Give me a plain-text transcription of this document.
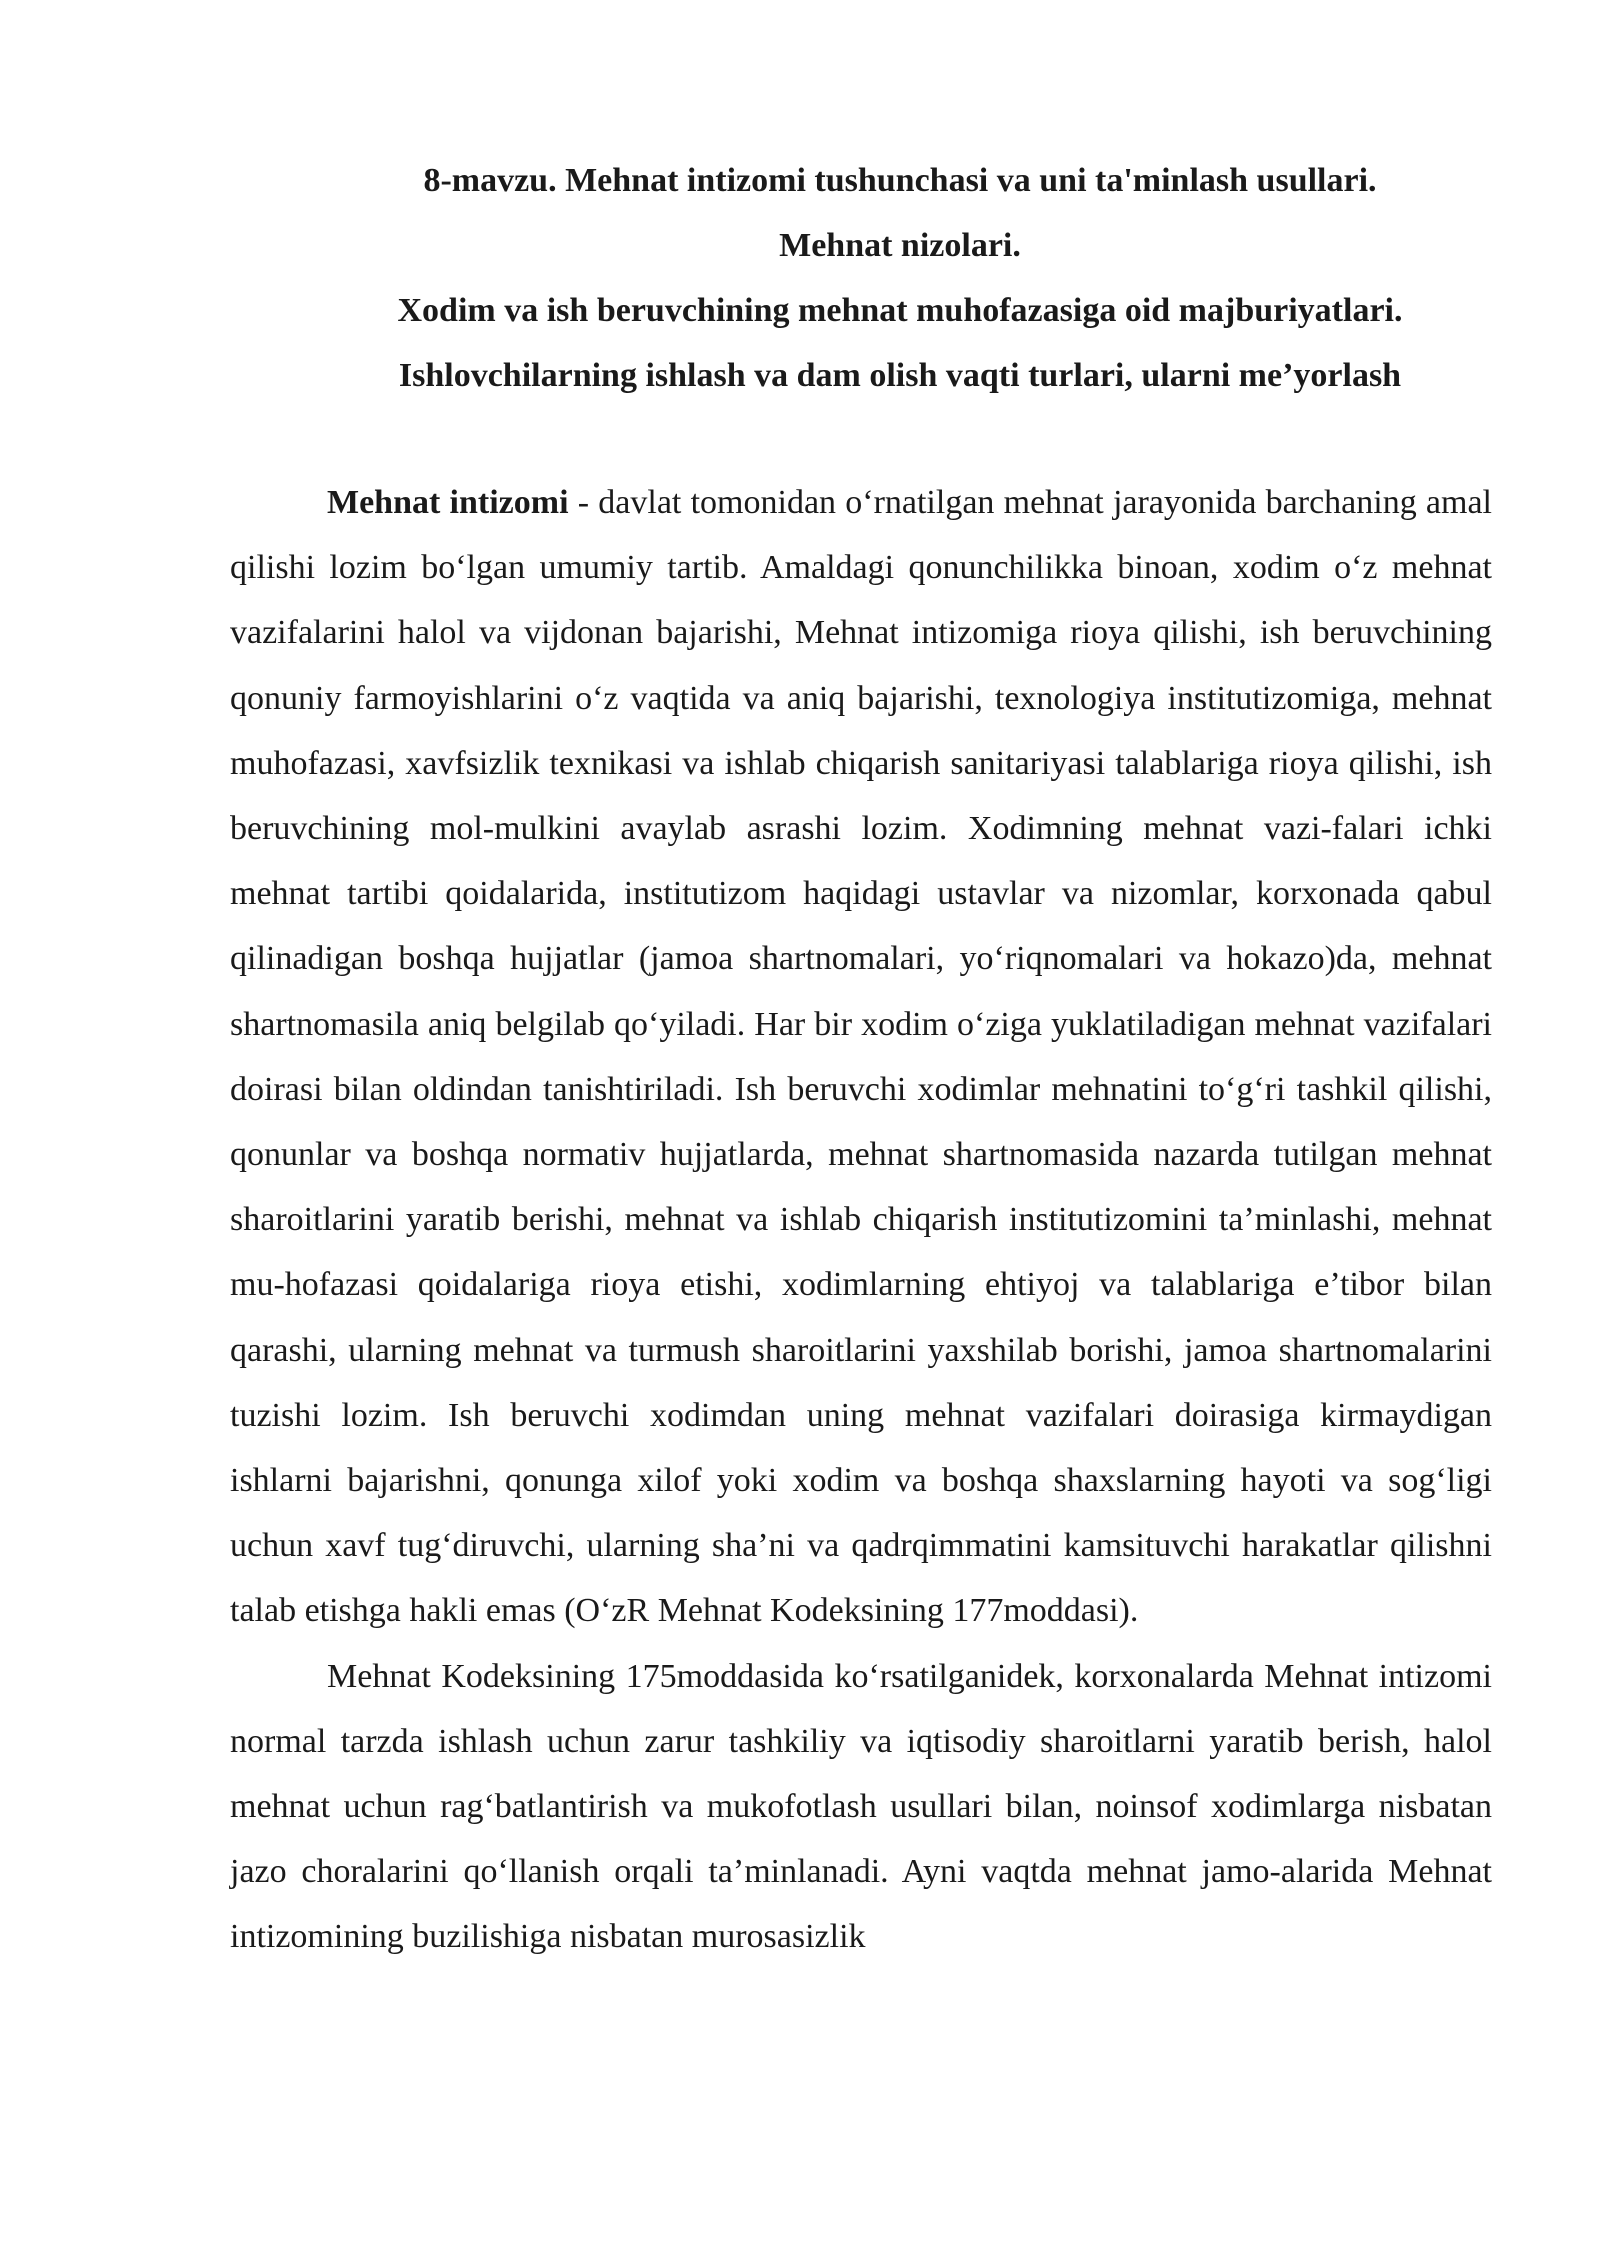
8-mavzu. Mehnat intizomi tushunchasi va uni ta'minlash usullari.
Mehnat nizolari.
Xodim va ish beruvchining mehnat muhofazasiga oid majburiyatlari.
Ishlovchilarning ishlash va dam olish vaqti turlari, ularni me’yorlash

Mehnat intizomi - davlat tomonidan o‘rnatilgan mehnat jarayonida barchaning amal qilishi lozim bo‘lgan umumiy tartib. Amaldagi qonunchilikka binoan, xodim o‘z mehnat vazifalarini halol va vijdonan bajarishi, Mehnat intizomiga rioya qilishi, ish beruvchining qonuniy farmoyishlarini o‘z vaqtida va aniq bajarishi, texnologiya institutizomiga, mehnat muhofazasi, xavfsizlik texnikasi va ishlab chiqarish sanitariyasi talablariga rioya qilishi, ish beruvchining mol-mulkini avaylab asrashi lozim. Xodimning mehnat vazi-falari ichki mehnat tartibi qoidalarida, institutizom haqidagi ustavlar va nizomlar, korxonada qabul qilinadigan boshqa hujjatlar (jamoa shartnomalari, yo‘riqnomalari va hokazo)da, mehnat shartnomasila aniq belgilab qo‘yiladi. Har bir xodim o‘ziga yuklatiladigan mehnat vazifalari doirasi bilan oldindan tanishtiriladi. Ish beruvchi xodimlar mehnatini to‘g‘ri tashkil qilishi, qonunlar va boshqa normativ hujjatlarda, mehnat shartnomasida nazarda tutilgan mehnat sharoitlarini yaratib berishi, mehnat va ishlab chiqarish institutizomini ta’minlashi, mehnat mu-hofazasi qoidalariga rioya etishi, xodimlarning ehtiyoj va talablariga e’tibor bilan qarashi, ularning mehnat va turmush sharoitlarini yaxshilab borishi, jamoa shartnomalarini tuzishi lozim. Ish beruvchi xodimdan uning mehnat vazifalari doirasiga kirmaydigan ishlarni bajarishni, qonunga xilof yoki xodim va boshqa shaxslarning hayoti va sog‘ligi uchun xavf tug‘diruvchi, ularning sha’ni va qadrqimmatini kamsituvchi harakatlar qilishni talab etishga hakli emas (O‘zR Mehnat Kodeksining 177moddasi).

Mehnat Kodeksining 175moddasida ko‘rsatilganidek, korxonalarda Mehnat intizomi normal tarzda ishlash uchun zarur tashkiliy va iqtisodiy sharoitlarni yaratib berish, halol mehnat uchun rag‘batlantirish va mukofotlash usullari bilan, noinsof xodimlarga nisbatan jazo choralarini qo‘llanish orqali ta’minlanadi. Ayni vaqtda mehnat jamo-alarida Mehnat intizomining buzilishiga nisbatan murosasizlik
